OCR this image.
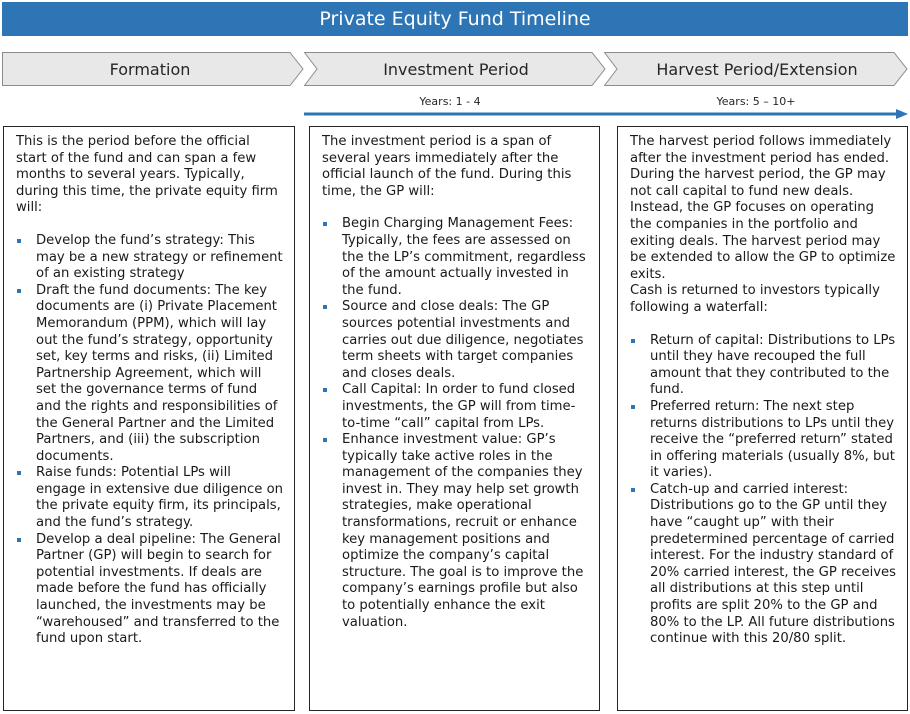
Private Equity Fund Timeline
Formation	Investment Period	Harvest Period/Extension
Years: 1 - 4	Years: 5 – 10+

This is the period before the official start of the fund and can span a few months to several years. Typically, during this time, the private equity firm will:

Develop the fund’s strategy: This may be a new strategy or refinement of an existing strategy
Draft the fund documents: The key documents are (i) Private Placement Memorandum (PPM), which will lay out the fund’s strategy, opportunity set, key terms and risks, (ii) Limited Partnership Agreement, which will set the governance terms of fund and the rights and responsibilities of the General Partner and the Limited Partners, and (iii) the subscription documents.
Raise funds: Potential LPs will engage in extensive due diligence on the private equity firm, its principals, and the fund’s strategy.
Develop a deal pipeline: The General Partner (GP) will begin to search for potential investments. If deals are made before the fund has officially launched, the investments may be “warehoused” and transferred to the fund upon start.

The investment period is a span of several years immediately after the official launch of the fund. During this time, the GP will:

Begin Charging Management Fees: Typically, the fees are assessed on the the LP’s commitment, regardless of the amount actually invested in the fund.
Source and close deals: The GP sources potential investments and carries out due diligence, negotiates term sheets with target companies and closes deals.
Call Capital: In order to fund closed investments, the GP will from time-to-time “call” capital from LPs.
Enhance investment value: GP’s typically take active roles in the management of the companies they invest in. They may help set growth strategies, make operational transformations, recruit or enhance key management positions and optimize the company’s capital structure. The goal is to improve the company’s earnings profile but also to potentially enhance the exit valuation.

The harvest period follows immediately after the investment period has ended. During the harvest period, the GP may not call capital to fund new deals. Instead, the GP focuses on operating the companies in the portfolio and exiting deals. The harvest period may be extended to allow the GP to optimize exits.

Cash is returned to investors typically following a waterfall:

Return of capital: Distributions to LPs until they have recouped the full amount that they contributed to the fund.
Preferred return: The next step returns distributions to LPs until they receive the “preferred return” stated in offering materials (usually 8%, but it varies).
Catch-up and carried interest: Distributions go to the GP until they have “caught up” with their predetermined percentage of carried interest. For the industry standard of 20% carried interest, the GP receives all distributions at this step until profits are split 20% to the GP and 80% to the LP. All future distributions continue with this 20/80 split.
